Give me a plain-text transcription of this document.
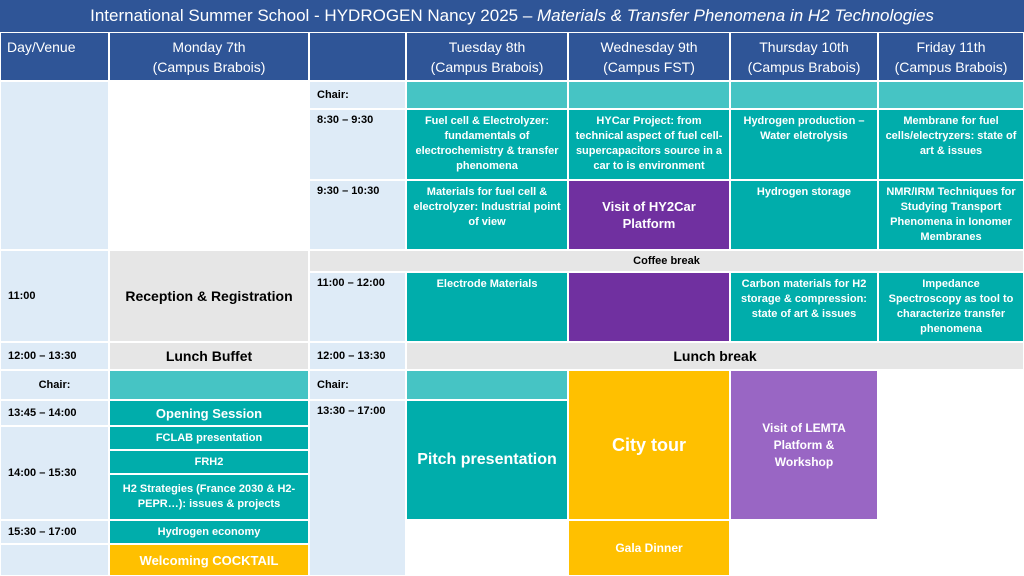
International Summer School - HYDROGEN Nancy 2025 – Materials & Transfer Phenomena in H2 Technologies
Day/Venue	Monday 7th
(Campus Brabois)
Tuesday 8th
(Campus Brabois)
Wednesday 9th
(Campus FST)
Thursday 10th
(Campus Brabois)
Friday 11th
(Campus Brabois)
11:00
12:00 – 13:30
Chair:
13:45 – 14:00
14:00 – 15:30
15:30 – 17:00
Reception & Registration
Lunch Buffet
Opening Session
FCLAB presentation
FRH2
H2 Strategies (France 2030 & H2-PEPR…): issues & projects
Hydrogen economy
Welcoming COCKTAIL
Chair:
8:30 – 9:30
9:30 – 10:30
Coffee break
11:00 – 12:00
12:00 – 13:30	Lunch break
Chair:
13:30 – 17:00
Fuel cell & Electrolyzer: fundamentals of electrochemistry & transfer phenomena
Materials for fuel cell & electrolyzer: Industrial point of view
Electrode Materials
Pitch presentation
HYCar Project: from technical aspect of fuel cell-supercapacitors source in a car to is environment
Visit of HY2Car Platform
City tour
Gala Dinner
Hydrogen production – Water eletrolysis
Hydrogen storage
Carbon materials for H2 storage & compression: state of art & issues
Visit of LEMTA Platform & Workshop
Membrane for fuel cells/electryzers: state of art & issues
NMR/IRM Techniques for Studying Transport Phenomena in Ionomer Membranes
Impedance Spectroscopy as tool to characterize transfer phenomena
